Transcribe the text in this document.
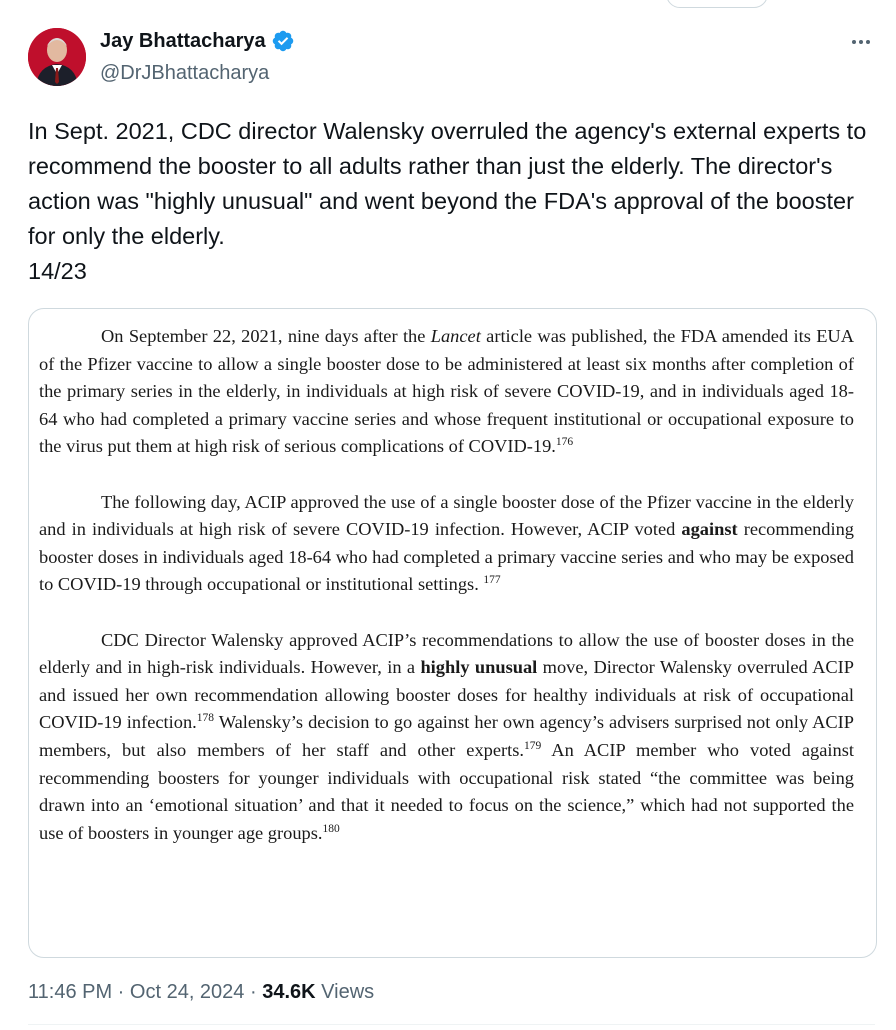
Jay Bhattacharya
@DrJBhattacharya
In Sept. 2021, CDC director Walensky overruled the agency's external experts to recommend the booster to all adults rather than just the elderly. The director's action was "highly unusual" and went beyond the FDA's approval of the booster for only the elderly.
14/23

On September 22, 2021, nine days after the Lancet article was published, the FDA amended its EUA of the Pfizer vaccine to allow a single booster dose to be administered at least six months after completion of the primary series in the elderly, in individuals at high risk of severe COVID-19, and in individuals aged 18-64 who had completed a primary vaccine series and whose frequent institutional or occupational exposure to the virus put them at high risk of serious complications of COVID-19.$^{176}$

The following day, ACIP approved the use of a single booster dose of the Pfizer vaccine in the elderly and in individuals at high risk of severe COVID-19 infection. However, ACIP voted against recommending booster doses in individuals aged 18-64 who had completed a primary vaccine series and who may be exposed to COVID-19 through occupational or institutional settings. $^{177}$

CDC Director Walensky approved ACIP’s recommendations to allow the use of booster doses in the elderly and in high-risk individuals. However, in a highly unusual move, Director Walensky overruled ACIP and issued her own recommendation allowing booster doses for healthy individuals at risk of occupational COVID-19 infection.$^{178}$ Walensky’s decision to go against her own agency’s advisers surprised not only ACIP members, but also members of her staff and other experts.$^{179}$ An ACIP member who voted against recommending boosters for younger individuals with occupational risk stated “the committee was being drawn into an ‘emotional situation’ and that it needed to focus on the science,” which had not supported the use of boosters in younger age groups.$^{180}$

11:46 PM · Oct 24, 2024 · 34.6K Views
